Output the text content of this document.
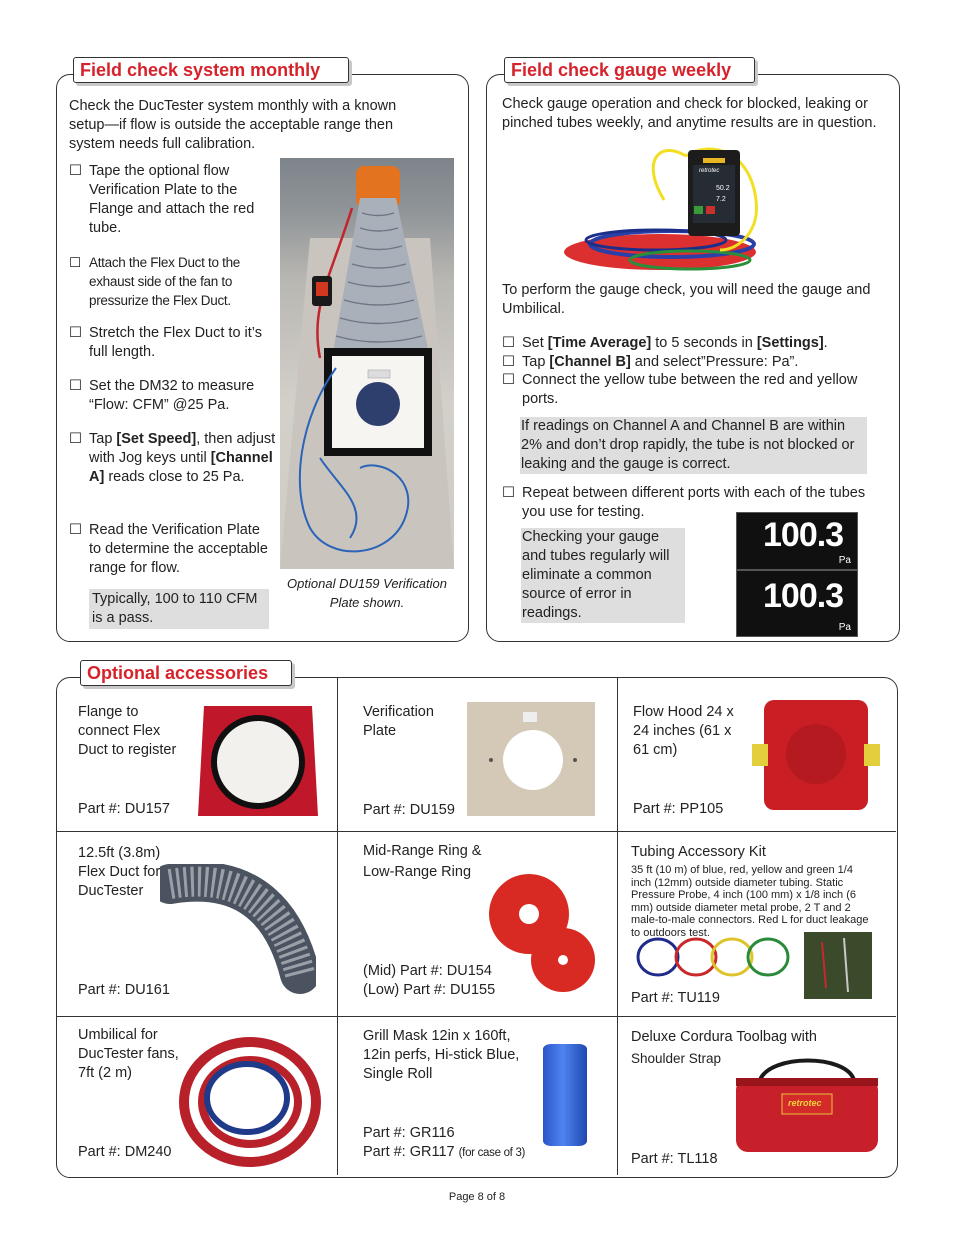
Field check system monthly
Check the DucTester system monthly with a known setup—if flow is outside the acceptable range then system needs full calibration.
☐ Tape the optional flow Verification Plate to the Flange and attach the red tube.
☐ Attach the Flex Duct to the exhaust side of the fan to pressurize the Flex Duct.
☐ Stretch the Flex Duct to it’s full length.
☐ Set the DM32 to measure “Flow: CFM” @25 Pa.
☐ Tap [Set Speed], then adjust with Jog keys until [Channel A] reads close to 25 Pa.
☐ Read the Verification Plate to determine the acceptable range for flow.
Typically, 100 to 110 CFM is a pass.
Optional DU159 Verification Plate shown.
Field check gauge weekly
Check gauge operation and check for blocked, leaking or pinched tubes weekly, and anytime results are in question.
retrotec
50.2
7.2
To perform the gauge check, you will need the gauge and Umbilical.
☐ Set [Time Average] to 5 seconds in [Settings].
☐ Tap [Channel B] and select”Pressure: Pa”.
☐ Connect the yellow tube between the red and yellow ports.
If readings on Channel A and Channel B are within 2% and don’t drop rapidly, the tube is not blocked or leaking and the gauge is correct.
☐ Repeat between different ports with each of the tubes you use for testing.
Checking your gauge and tubes regularly will eliminate a common source of error in readings.
100.3
Pa
100.3
Pa
Optional accessories
Flange to connect Flex Duct to register
Part #: DU157
Verification Plate
Part #: DU159
Flow Hood 24 x 24 inches (61 x 61 cm)
Part #: PP105
12.5ft (3.8m) Flex Duct for DucTester
Part #: DU161
Mid-Range Ring & Low-Range Ring
(Mid) Part #: DU154
(Low) Part #: DU155
Tubing Accessory Kit
35 ft (10 m) of blue, red, yellow and green 1/4 inch (12mm) outside diameter tubing. Static Pressure Probe, 4 inch (100 mm) x 1/8 inch (6 mm) outside diameter metal probe, 2 T and 2 male-to-male connectors. Red L for duct leakage to outdoors test.
Part #: TU119
Umbilical for DucTester fans, 7ft (2 m)
Part #: DM240
Grill Mask 12in x 160ft, 12in perfs, Hi-stick Blue, Single Roll
Part #: GR116
Part #: GR117 (for case of 3)
Deluxe Cordura Toolbag with
Shoulder Strap
Part #: TL118
retrotec
Page 8 of 8
